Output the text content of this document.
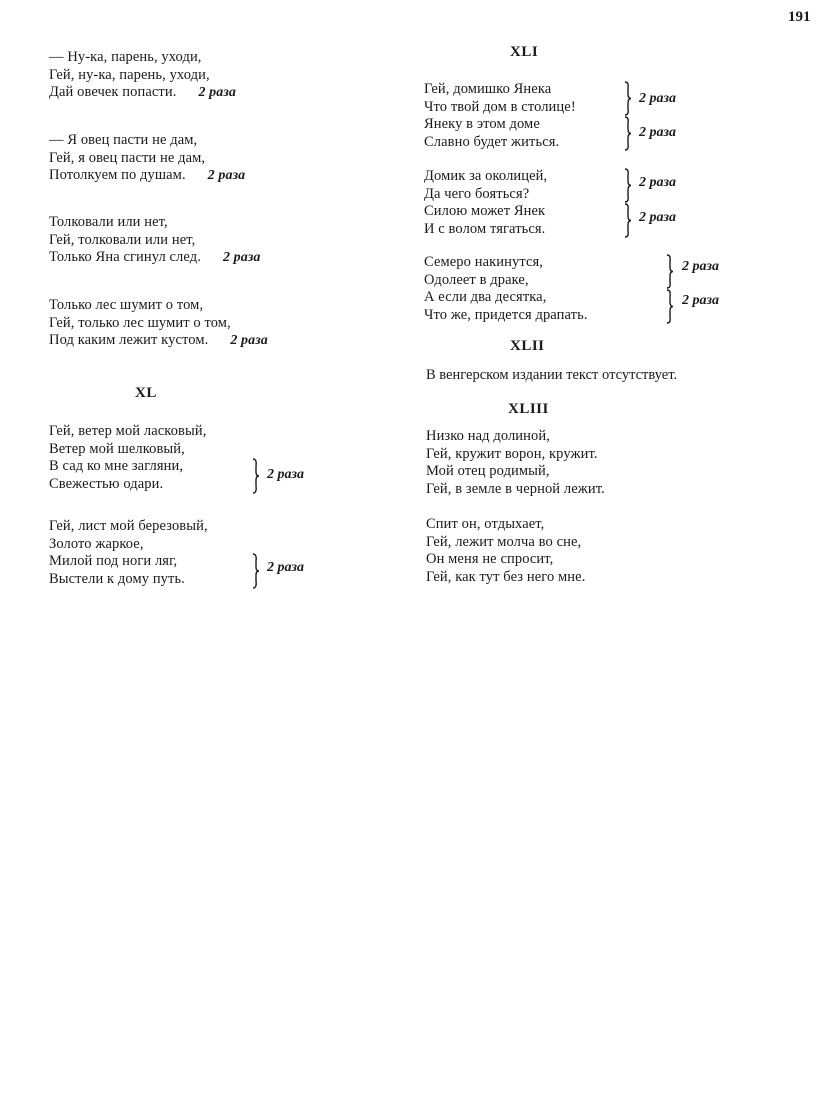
191
— Ну-ка, парень, уходи,
Гей, ну-ка, парень, уходи,
Дай овечек попасти. 2 раза
— Я овец пасти не дам,
Гей, я овец пасти не дам,
Потолкуем по душам. 2 раза
Толковали или нет,
Гей, толковали или нет,
Только Яна сгинул след. 2 раза
Только лес шумит о том,
Гей, только лес шумит о том,
Под каким лежит кустом. 2 раза
XL
Гей, ветер мой ласковый,
Ветер мой шелковый,
В сад ко мне загляни,
Свежестью одари.
2 раза
Гей, лист мой березовый,
Золото жаркое,
Милой под ноги ляг,
Выстели к дому путь.
2 раза
XLI
Гей, домишко Янека
Что твой дом в столице!
2 раза
Янеку в этом доме
Славно будет житься.
2 раза
Домик за околицей,
Да чего бояться?
2 раза
Силою может Янек
И с волом тягаться.
2 раза
Семеро накинутся,
Одолеет в драке,
2 раза
А если два десятка,
Что же, придется драпать.
2 раза
XLII
В венгерском издании текст отсутствует.
XLIII
Низко над долиной,
Гей, кружит ворон, кружит.
Мой отец родимый,
Гей, в земле в черной лежит.
Спит он, отдыхает,
Гей, лежит молча во сне,
Он меня не спросит,
Гей, как тут без него мне.
